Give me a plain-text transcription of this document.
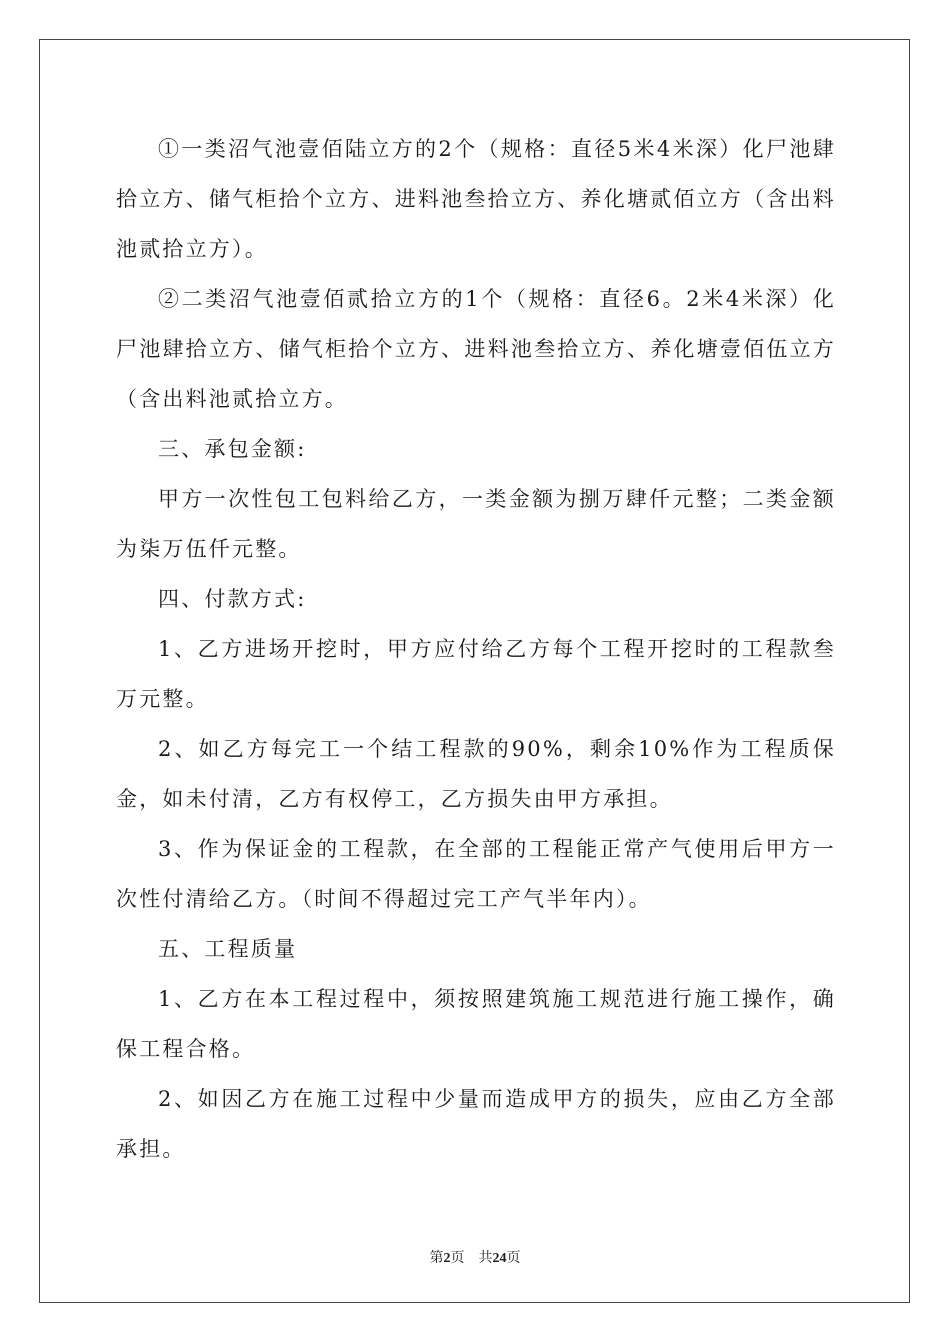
①一类沼气池壹佰陆立方的2个（规格：直径5米4米深）化尸池肆拾立方、储气柜拾个立方、进料池叁拾立方、养化塘贰佰立方（含出料池贰拾立方）。

②二类沼气池壹佰贰拾立方的1个（规格：直径6。2米4米深）化尸池肆拾立方、储气柜拾个立方、进料池叁拾立方、养化塘壹佰伍立方（含出料池贰拾立方。

三、承包金额:

甲方一次性包工包料给乙方，一类金额为捌万肆仟元整；二类金额为柒万伍仟元整。

四、付款方式:

1、乙方进场开挖时，甲方应付给乙方每个工程开挖时的工程款叁万元整。

2、如乙方每完工一个结工程款的90%，剩余10%作为工程质保金，如未付清，乙方有权停工，乙方损失由甲方承担。

3、作为保证金的工程款，在全部的工程能正常产气使用后甲方一次性付清给乙方。（时间不得超过完工产气半年内）。

五、工程质量

1、乙方在本工程过程中，须按照建筑施工规范进行施工操作，确保工程合格。

2、如因乙方在施工过程中少量而造成甲方的损失，应由乙方全部承担。

第2页 共24页
